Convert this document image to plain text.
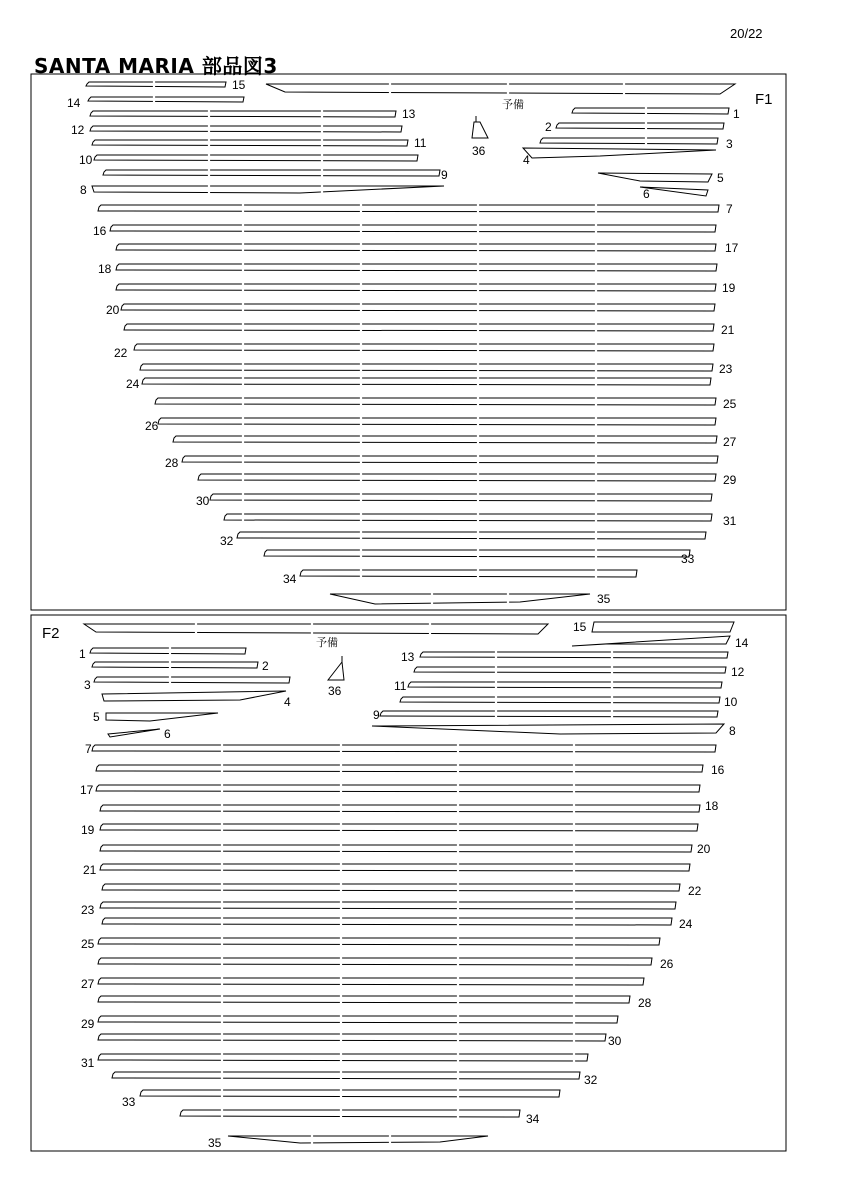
20/22
SANTA MARIA 部品図3
F1
予備
15
14
13
12
11
10
9
8
1
2
3
4
5
6
36
7
16
17
18
19
20
21
22
23
24
25
26
27
28
29
30
31
32
33
34
35
F2
予備
1
2
3
4
5
6
36
15
14
13
12
11
10
9
8
7
16
17
18
19
20
21
22
23
24
25
26
27
28
29
30
31
32
33
34
35
